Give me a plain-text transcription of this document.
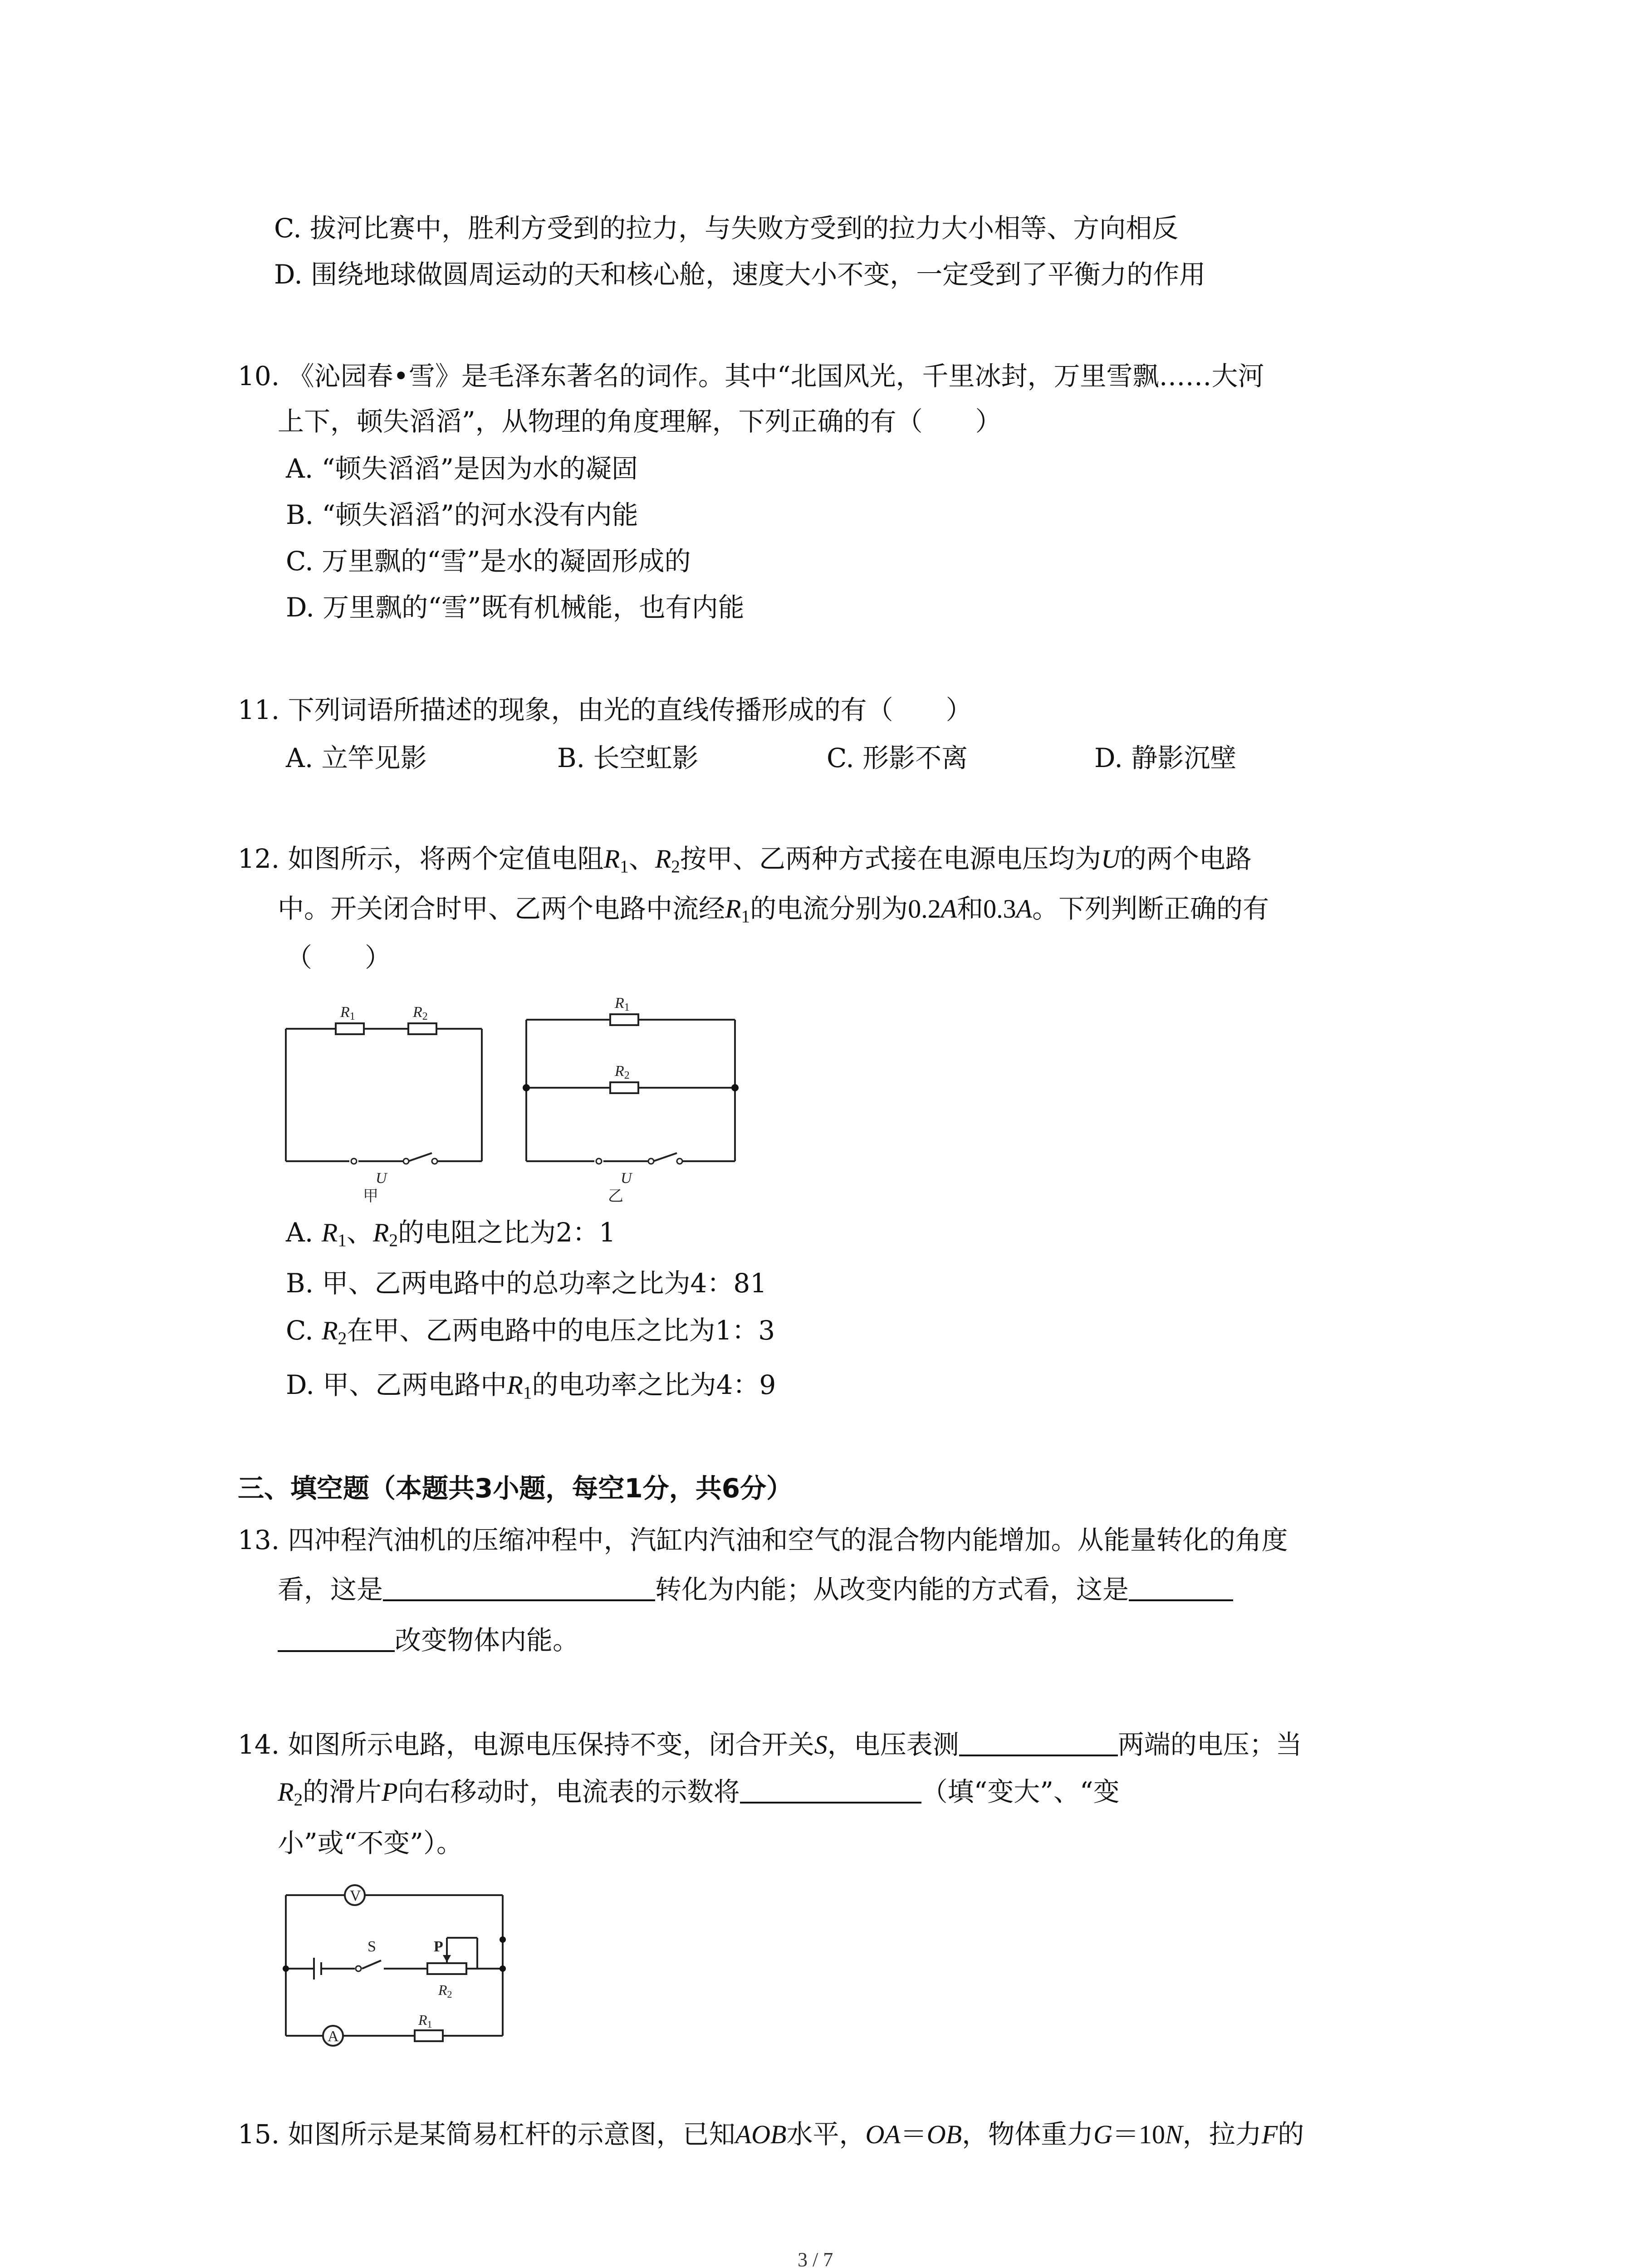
C. 拔河比赛中，胜利方受到的拉力，与失败方受到的拉力大小相等、方向相反
D. 围绕地球做圆周运动的天和核心舱，速度大小不变，一定受到了平衡力的作用
10. 《沁园春•雪》是毛泽东著名的词作。其中“北国风光，千里冰封，万里雪飘……大河
上下，顿失滔滔”，从物理的角度理解，下列正确的有（　　）
A. “顿失滔滔”是因为水的凝固
B. “顿失滔滔”的河水没有内能
C. 万里飘的“雪”是水的凝固形成的
D. 万里飘的“雪”既有机械能，也有内能
11. 下列词语所描述的现象，由光的直线传播形成的有（　　）
A. 立竿见影	B. 长空虹影	C. 形影不离	D. 静影沉壁
12. 如图所示，将两个定值电阻$R_1$、$R_2$按甲、乙两种方式接在电源电压均为U的两个电路
中。开关闭合时甲、乙两个电路中流经$R_1$的电流分别为0.2A和0.3A。下列判断正确的有
（　　）
R1	R2
R1
R2
U	U
甲	乙
A. $R_1$、$R_2$的电阻之比为2：1
B. 甲、乙两电路中的总功率之比为4：81
C. $R_2$在甲、乙两电路中的电压之比为1：3
D. 甲、乙两电路中$R_1$的电功率之比为4：9
三、填空题（本题共3小题，每空1分，共6分）
13. 四冲程汽油机的压缩冲程中，汽缸内汽油和空气的混合物内能增加。从能量转化的角度
看，这是	转化为内能；从改变内能的方式看，这是
改变物体内能。
14. 如图所示电路，电源电压保持不变，闭合开关S，电压表测	两端的电压；当
$R_2$的滑片P向右移动时，电流表的示数将	（填“变大”、“变
小”或“不变”）。
V
A
S	P
R2
R1
15. 如图所示是某简易杠杆的示意图，已知AOB水平，OA＝OB，物体重力G＝10N，拉力F的
3 / 7
